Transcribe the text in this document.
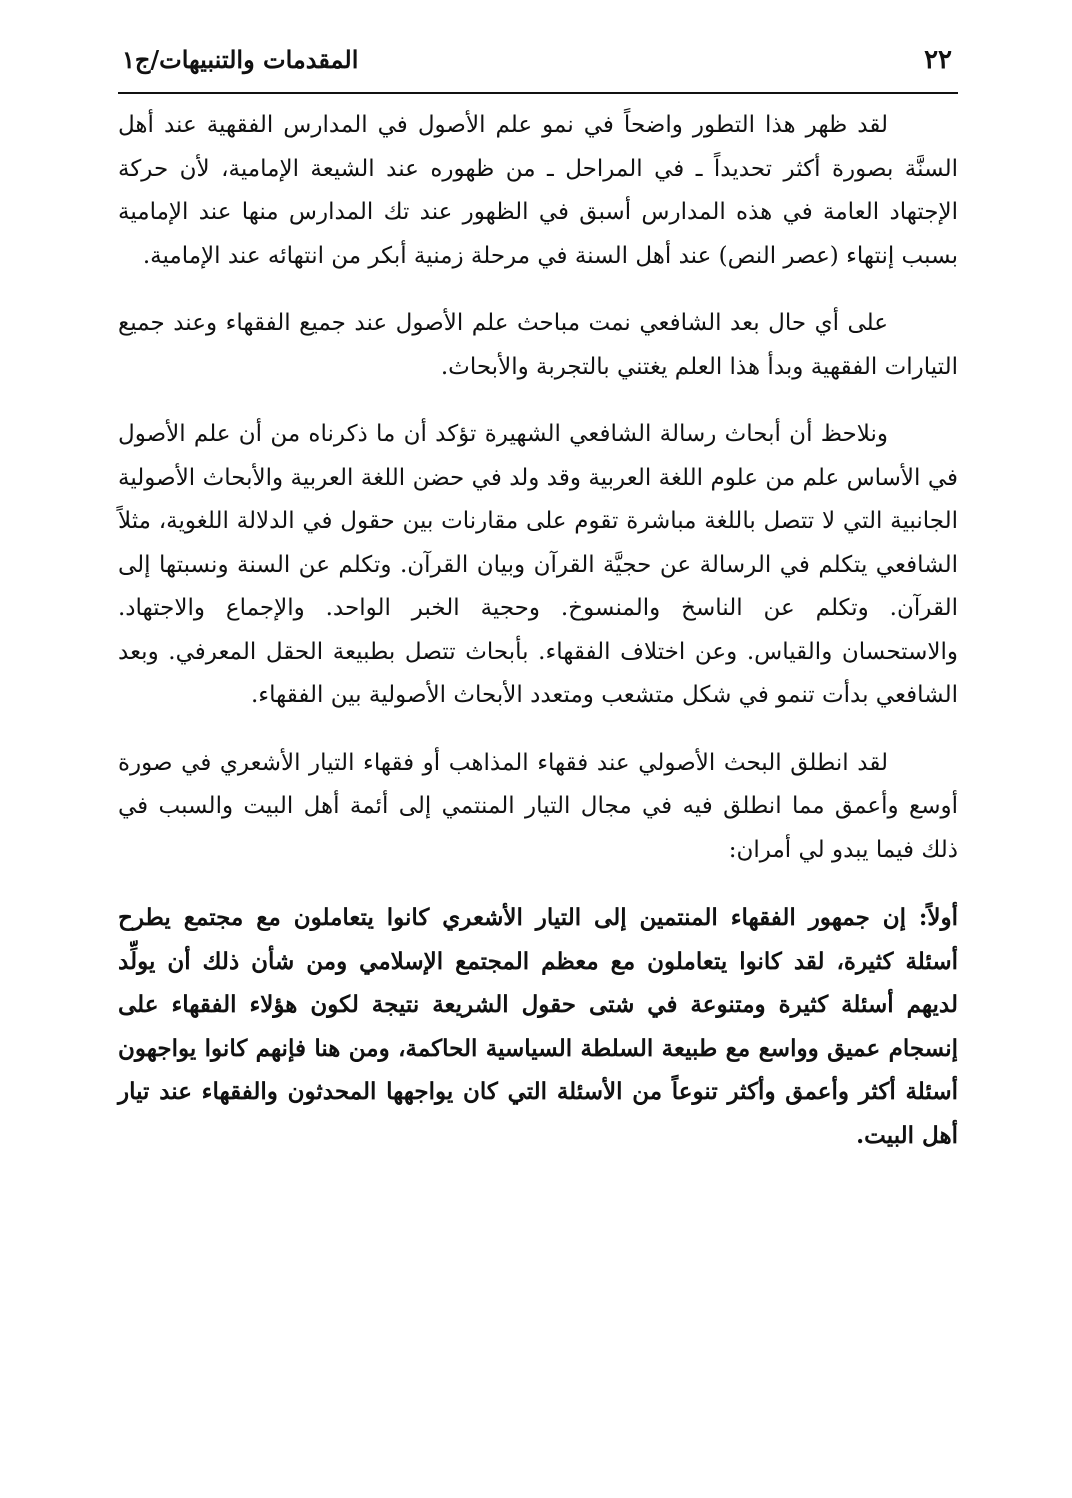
٢٢
المقدمات والتنبيهات/ج١

لقد ظهر هذا التطور واضحاً في نمو علم الأصول في المدارس الفقهية عند أهل السنَّة بصورة أكثر تحديداً ـ في المراحل ـ من ظهوره عند الشيعة الإمامية، لأن حركة الإجتهاد العامة في هذه المدارس أسبق في الظهور عند تك المدارس منها عند الإمامية بسبب إنتهاء (عصر النص) عند أهل السنة في مرحلة زمنية أبكر من انتهائه عند الإمامية.

على أي حال بعد الشافعي نمت مباحث علم الأصول عند جميع الفقهاء وعند جميع التيارات الفقهية وبدأ هذا العلم يغتني بالتجربة والأبحاث.

ونلاحظ أن أبحاث رسالة الشافعي الشهيرة تؤكد أن ما ذكرناه من أن علم الأصول في الأساس علم من علوم اللغة العربية وقد ولد في حضن اللغة العربية والأبحاث الأصولية الجانبية التي لا تتصل باللغة مباشرة تقوم على مقارنات بين حقول في الدلالة اللغوية، مثلاً الشافعي يتكلم في الرسالة عن حجيَّة القرآن وبيان القرآن. وتكلم عن السنة ونسبتها إلى القرآن. وتكلم عن الناسخ والمنسوخ. وحجية الخبر الواحد. والإجماع والاجتهاد. والاستحسان والقياس. وعن اختلاف الفقهاء. بأبحاث تتصل بطبيعة الحقل المعرفي. وبعد الشافعي بدأت تنمو في شكل متشعب ومتعدد الأبحاث الأصولية بين الفقهاء.

لقد انطلق البحث الأصولي عند فقهاء المذاهب أو فقهاء التيار الأشعري في صورة أوسع وأعمق مما انطلق فيه في مجال التيار المنتمي إلى أئمة أهل البيت والسبب في ذلك فيما يبدو لي أمران:

أولاً: إن جمهور الفقهاء المنتمين إلى التيار الأشعري كانوا يتعاملون مع مجتمع يطرح أسئلة كثيرة، لقد كانوا يتعاملون مع معظم المجتمع الإسلامي ومن شأن ذلك أن يولِّد لديهم أسئلة كثيرة ومتنوعة في شتى حقول الشريعة نتيجة لكون هؤلاء الفقهاء على إنسجام عميق وواسع مع طبيعة السلطة السياسية الحاكمة، ومن هنا فإنهم كانوا يواجهون أسئلة أكثر وأعمق وأكثر تنوعاً من الأسئلة التي كان يواجهها المحدثون والفقهاء عند تيار أهل البيت.
